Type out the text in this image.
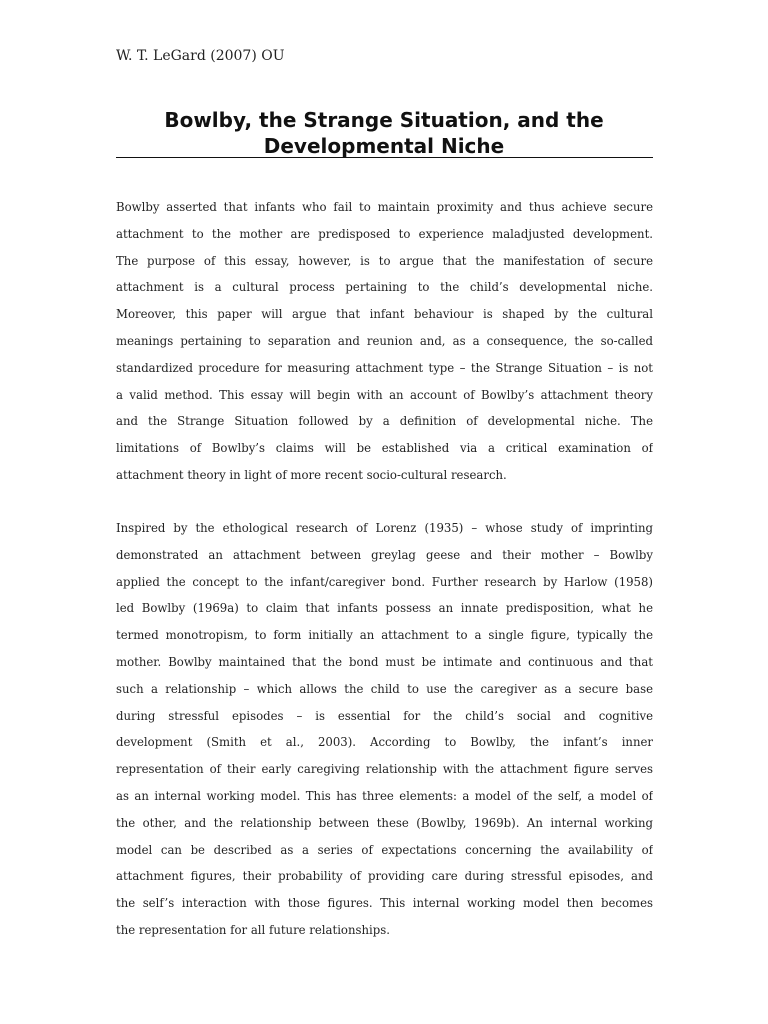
W. T. LeGard (2007) OU
Bowlby, the Strange Situation, and the
Developmental Niche
Bowlby asserted that infants who fail to maintain proximity and thus achieve secure
attachment to the mother are predisposed to experience maladjusted development.
The purpose of this essay, however, is to argue that the manifestation of secure
attachment is a cultural process pertaining to the child’s developmental niche.
Moreover, this paper will argue that infant behaviour is shaped by the cultural
meanings pertaining to separation and reunion and, as a consequence, the so-called
standardized procedure for measuring attachment type – the Strange Situation – is not
a valid method. This essay will begin with an account of Bowlby’s attachment theory
and the Strange Situation followed by a definition of developmental niche. The
limitations of Bowlby’s claims will be established via a critical examination of
attachment theory in light of more recent socio-cultural research.
Inspired by the ethological research of Lorenz (1935) – whose study of imprinting
demonstrated an attachment between greylag geese and their mother – Bowlby
applied the concept to the infant/caregiver bond. Further research by Harlow (1958)
led Bowlby (1969a) to claim that infants possess an innate predisposition, what he
termed monotropism, to form initially an attachment to a single figure, typically the
mother. Bowlby maintained that the bond must be intimate and continuous and that
such a relationship – which allows the child to use the caregiver as a secure base
during stressful episodes – is essential for the child’s social and cognitive
development (Smith et al., 2003). According to Bowlby, the infant’s inner
representation of their early caregiving relationship with the attachment figure serves
as an internal working model. This has three elements: a model of the self, a model of
the other, and the relationship between these (Bowlby, 1969b). An internal working
model can be described as a series of expectations concerning the availability of
attachment figures, their probability of providing care during stressful episodes, and
the self’s interaction with those figures. This internal working model then becomes
the representation for all future relationships.
